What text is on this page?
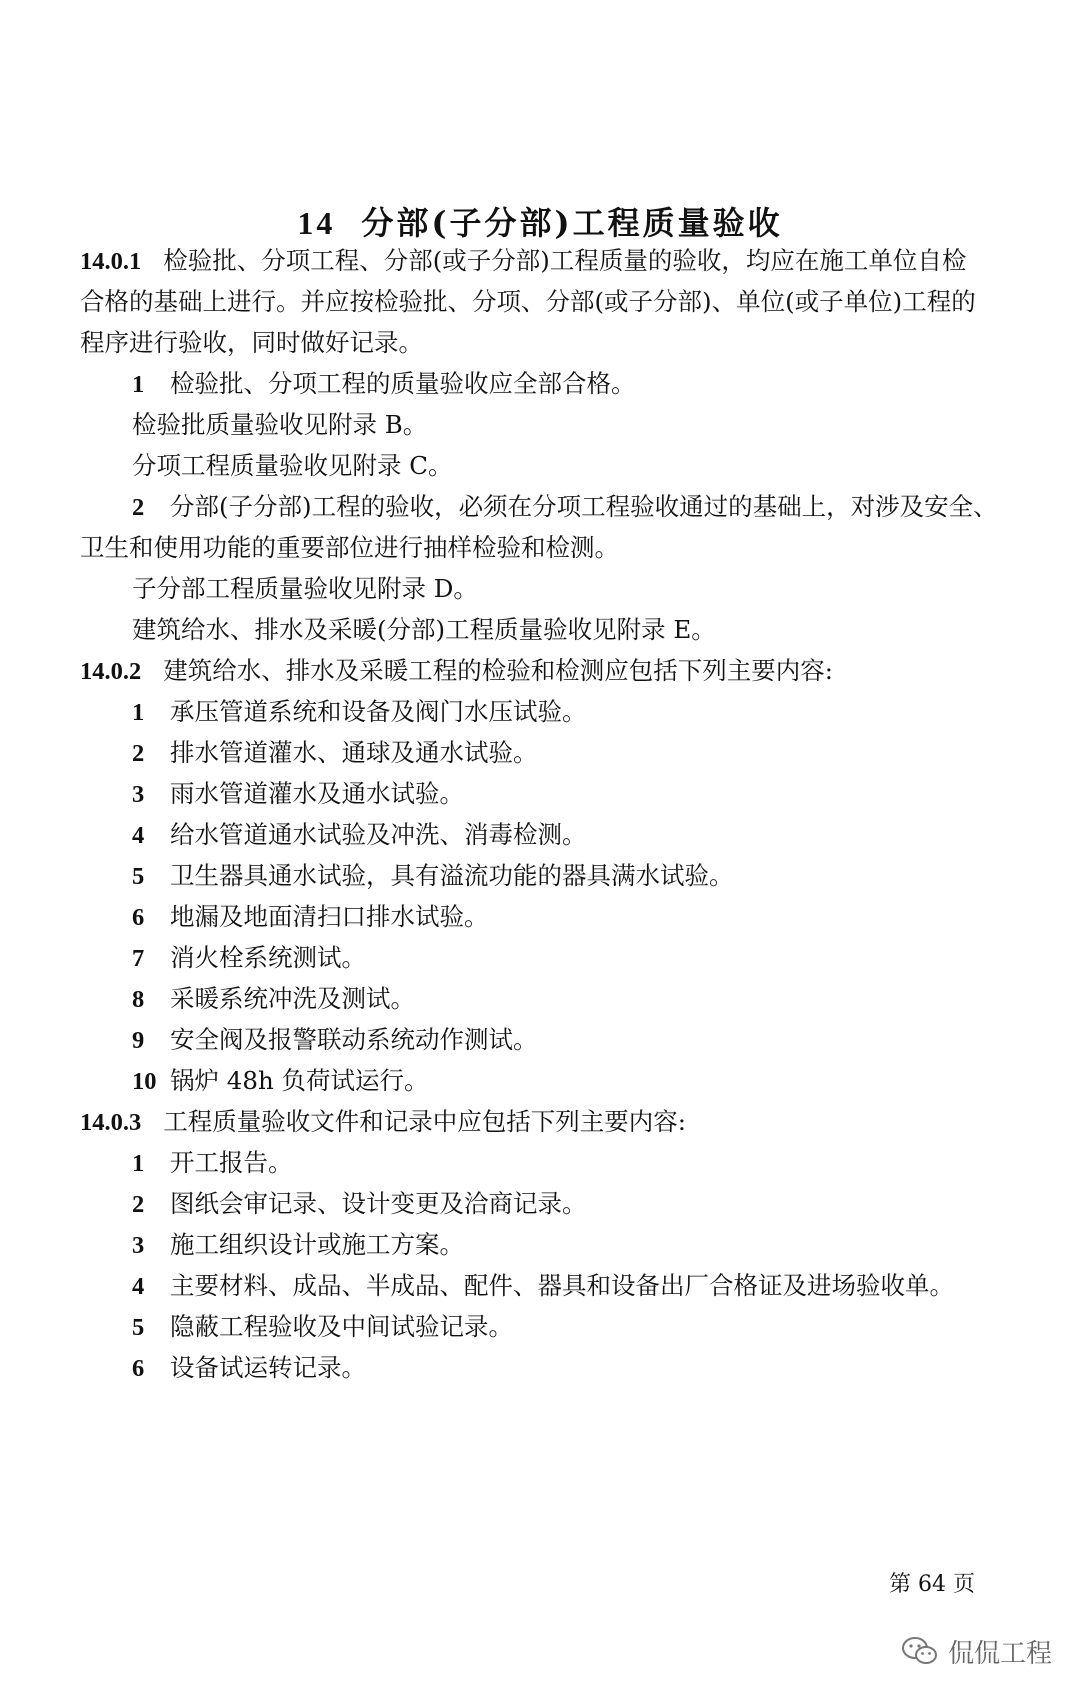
14 分部(子分部)工程质量验收
14.0.1 检验批、分项工程、分部(或子分部)工程质量的验收，均应在施工单位自检
合格的基础上进行。并应按检验批、分项、分部(或子分部)、单位(或子单位)工程的
程序进行验收，同时做好记录。
1 检验批、分项工程的质量验收应全部合格。
检验批质量验收见附录 B。
分项工程质量验收见附录 C。
2 分部(子分部)工程的验收，必须在分项工程验收通过的基础上，对涉及安全、
卫生和使用功能的重要部位进行抽样检验和检测。
子分部工程质量验收见附录 D。
建筑给水、排水及采暖(分部)工程质量验收见附录 E。
14.0.2 建筑给水、排水及采暖工程的检验和检测应包括下列主要内容:
1 承压管道系统和设备及阀门水压试验。
2 排水管道灌水、通球及通水试验。
3 雨水管道灌水及通水试验。
4 给水管道通水试验及冲洗、消毒检测。
5 卫生器具通水试验，具有溢流功能的器具满水试验。
6 地漏及地面清扫口排水试验。
7 消火栓系统测试。
8 采暖系统冲洗及测试。
9 安全阀及报警联动系统动作测试。
10 锅炉 48h 负荷试运行。
14.0.3 工程质量验收文件和记录中应包括下列主要内容:
1 开工报告。
2 图纸会审记录、设计变更及洽商记录。
3 施工组织设计或施工方案。
4 主要材料、成品、半成品、配件、器具和设备出厂合格证及进场验收单。
5 隐蔽工程验收及中间试验记录。
6 设备试运转记录。
第 64 页
侃侃工程
